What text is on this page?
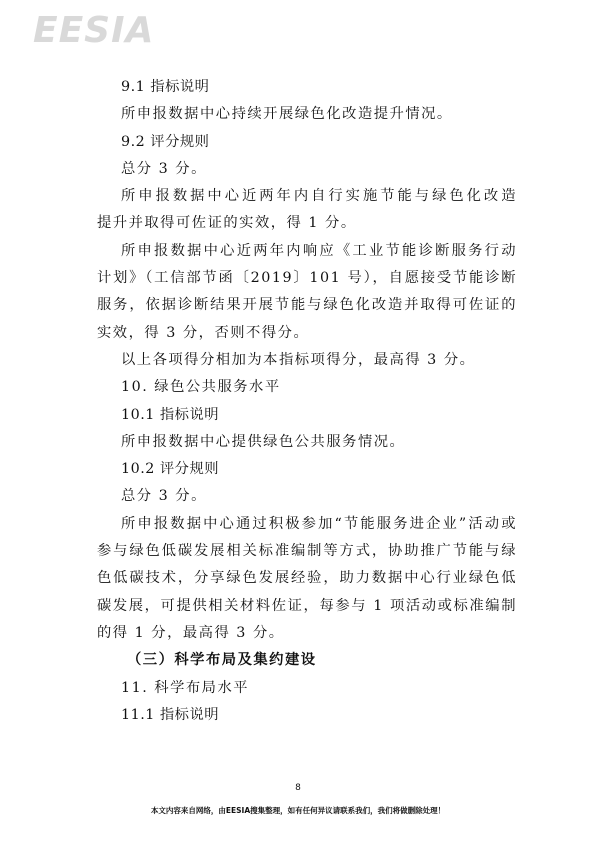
EESIA
9.1 指标说明
所申报数据中心持续开展绿色化改造提升情况。
9.2 评分规则
总分 3 分。
所申报数据中心近两年内自行实施节能与绿色化改造
提升并取得可佐证的实效，得 1 分。
所申报数据中心近两年内响应《工业节能诊断服务行动
计划》（工信部节函〔2019〕101 号），自愿接受节能诊断
服务，依据诊断结果开展节能与绿色化改造并取得可佐证的
实效，得 3 分，否则不得分。
以上各项得分相加为本指标项得分，最高得 3 分。
10. 绿色公共服务水平
10.1 指标说明
所申报数据中心提供绿色公共服务情况。
10.2 评分规则
总分 3 分。
所申报数据中心通过积极参加“节能服务进企业”活动或
参与绿色低碳发展相关标准编制等方式，协助推广节能与绿
色低碳技术，分享绿色发展经验，助力数据中心行业绿色低
碳发展，可提供相关材料佐证，每参与 1 项活动或标准编制
的得 1 分，最高得 3 分。
（三）科学布局及集约建设
11. 科学布局水平
11.1 指标说明
8
本文内容来自网络，由EESIA搜集整理，如有任何异议请联系我们，我们将做删除处理！
